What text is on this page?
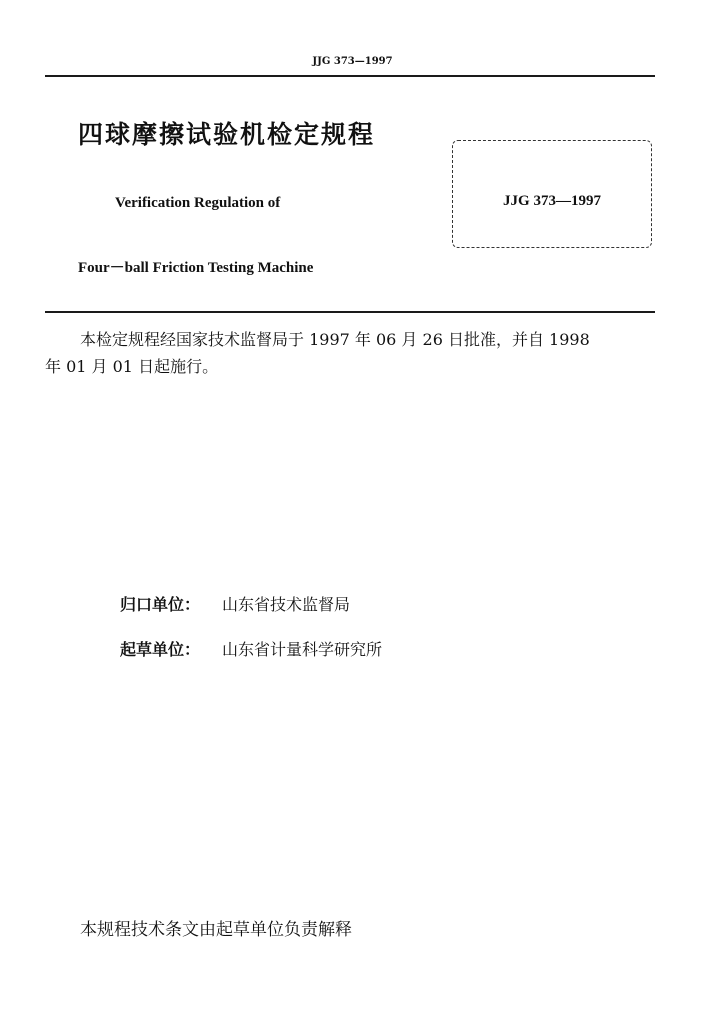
JJG 373—1997
四球摩擦试验机检定规程
Verification Regulation of
Four－ball Friction Testing Machine
JJG 373—1997
本检定规程经国家技术监督局于 1997 年 06 月 26 日批准，并自 1998
年 01 月 01 日起施行。
归口单位： 山东省技术监督局
起草单位： 山东省计量科学研究所
本规程技术条文由起草单位负责解释
